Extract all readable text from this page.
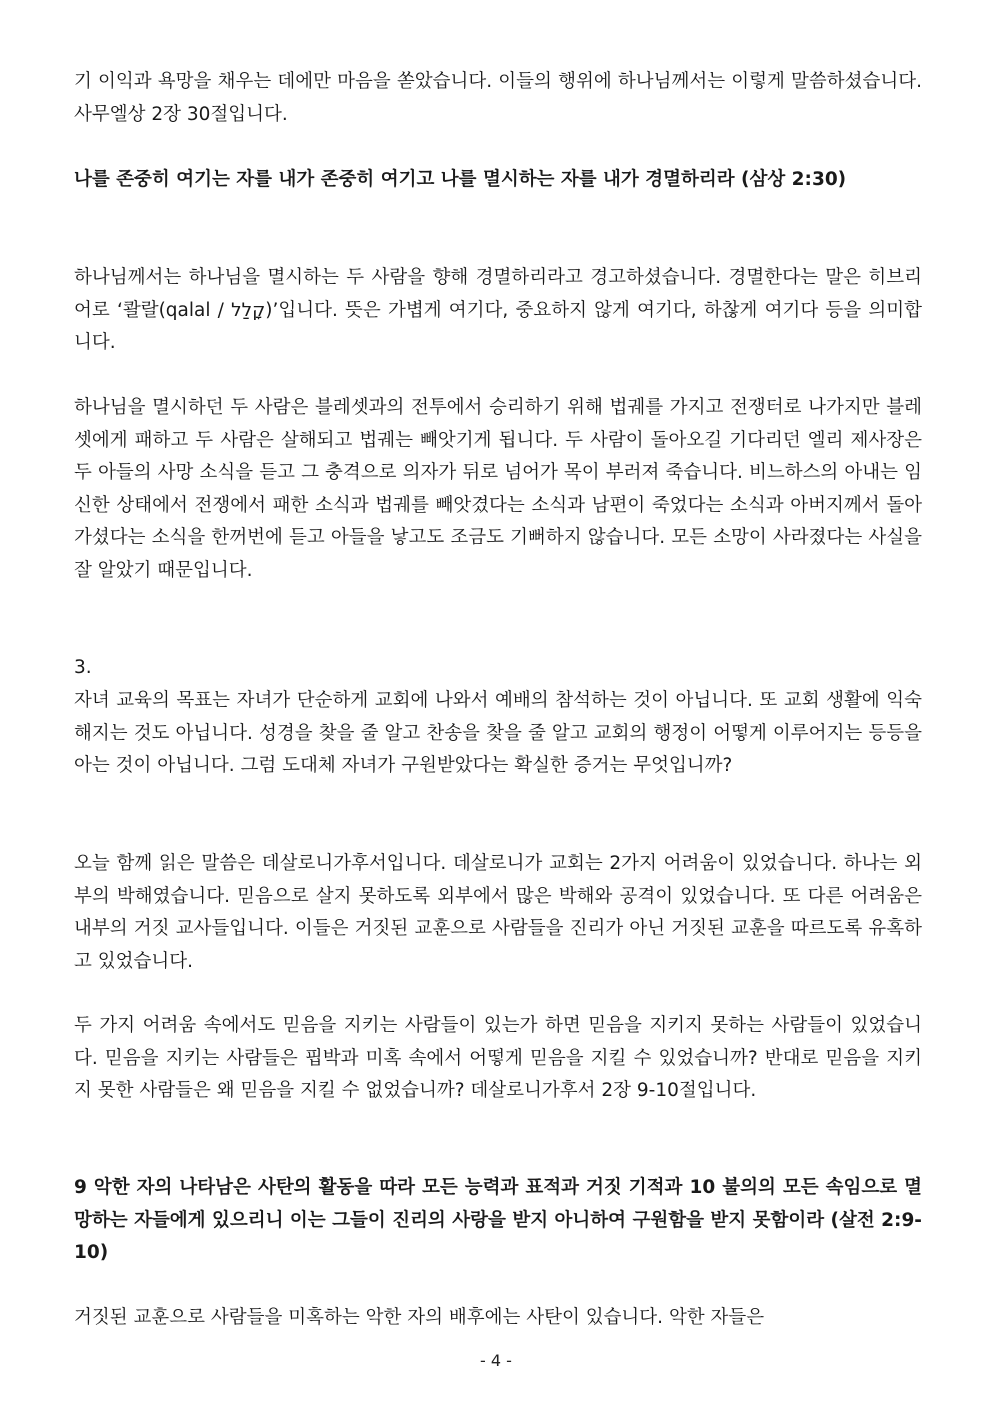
기 이익과 욕망을 채우는 데에만 마음을 쏟았습니다. 이들의 행위에 하나님께서는 이렇게 말씀하셨습니다. 사무엘상 2장 30절입니다.

나를 존중히 여기는 자를 내가 존중히 여기고 나를 멸시하는 자를 내가 경멸하리라 (삼상 2:30)

하나님께서는 하나님을 멸시하는 두 사람을 향해 경멸하리라고 경고하셨습니다. 경멸한다는 말은 히브리어로 ‘콸랄(qalal / קָלַל)’입니다. 뜻은 가볍게 여기다, 중요하지 않게 여기다, 하찮게 여기다 등을 의미합니다.

하나님을 멸시하던 두 사람은 블레셋과의 전투에서 승리하기 위해 법궤를 가지고 전쟁터로 나가지만 블레셋에게 패하고 두 사람은 살해되고 법궤는 빼앗기게 됩니다. 두 사람이 돌아오길 기다리던 엘리 제사장은 두 아들의 사망 소식을 듣고 그 충격으로 의자가 뒤로 넘어가 목이 부러져 죽습니다. 비느하스의 아내는 임신한 상태에서 전쟁에서 패한 소식과 법궤를 빼앗겼다는 소식과 남편이 죽었다는 소식과 아버지께서 돌아가셨다는 소식을 한꺼번에 듣고 아들을 낳고도 조금도 기뻐하지 않습니다. 모든 소망이 사라졌다는 사실을 잘 알았기 때문입니다.

3.

자녀 교육의 목표는 자녀가 단순하게 교회에 나와서 예배의 참석하는 것이 아닙니다. 또 교회 생활에 익숙해지는 것도 아닙니다. 성경을 찾을 줄 알고 찬송을 찾을 줄 알고 교회의 행정이 어떻게 이루어지는 등등을 아는 것이 아닙니다. 그럼 도대체 자녀가 구원받았다는 확실한 증거는 무엇입니까?

오늘 함께 읽은 말씀은 데살로니가후서입니다. 데살로니가 교회는 2가지 어려움이 있었습니다. 하나는 외부의 박해였습니다. 믿음으로 살지 못하도록 외부에서 많은 박해와 공격이 있었습니다. 또 다른 어려움은 내부의 거짓 교사들입니다. 이들은 거짓된 교훈으로 사람들을 진리가 아닌 거짓된 교훈을 따르도록 유혹하고 있었습니다.

두 가지 어려움 속에서도 믿음을 지키는 사람들이 있는가 하면 믿음을 지키지 못하는 사람들이 있었습니다. 믿음을 지키는 사람들은 핍박과 미혹 속에서 어떻게 믿음을 지킬 수 있었습니까? 반대로 믿음을 지키지 못한 사람들은 왜 믿음을 지킬 수 없었습니까? 데살로니가후서 2장 9-10절입니다.

9 악한 자의 나타남은 사탄의 활동을 따라 모든 능력과 표적과 거짓 기적과 10 불의의 모든 속임으로 멸망하는 자들에게 있으리니 이는 그들이 진리의 사랑을 받지 아니하여 구원함을 받지 못함이라 (살전 2:9-10)

거짓된 교훈으로 사람들을 미혹하는 악한 자의 배후에는 사탄이 있습니다. 악한 자들은

- 4 -
